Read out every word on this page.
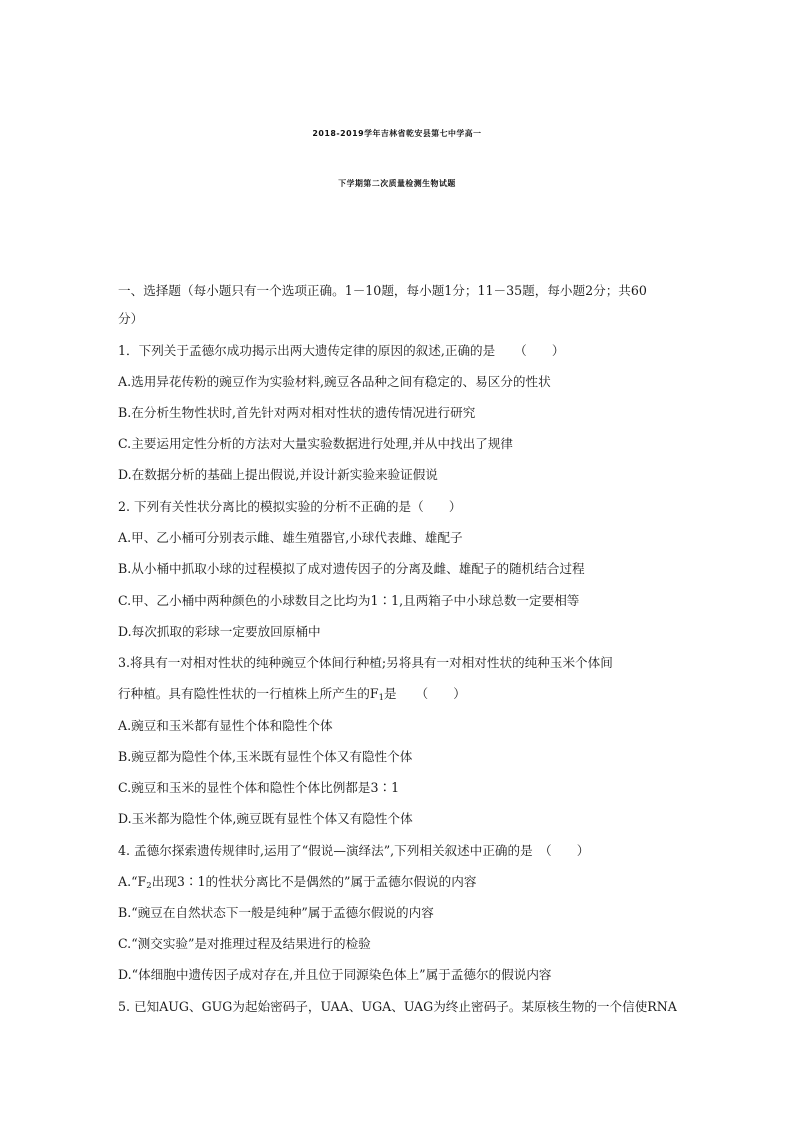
2018-2019学年吉林省乾安县第七中学高一
下学期第二次质量检测生物试题
一、选择题（每小题只有一个选项正确。1－10题，每小题1分；11－35题，每小题2分；共60
分）
1．下列关于孟德尔成功揭示出两大遗传定律的原因的叙述,正确的是　　（　　）
A.选用异花传粉的豌豆作为实验材料,豌豆各品种之间有稳定的、易区分的性状
B.在分析生物性状时,首先针对两对相对性状的遗传情况进行研究
C.主要运用定性分析的方法对大量实验数据进行处理,并从中找出了规律
D.在数据分析的基础上提出假说,并设计新实验来验证假说
2. 下列有关性状分离比的模拟实验的分析不正确的是（　　）
A.甲、乙小桶可分别表示雌、雄生殖器官,小球代表雌、雄配子
B.从小桶中抓取小球的过程模拟了成对遗传因子的分离及雌、雄配子的随机结合过程
C.甲、乙小桶中两种颜色的小球数目之比均为1∶1,且两箱子中小球总数一定要相等
D.每次抓取的彩球一定要放回原桶中
3.将具有一对相对性状的纯种豌豆个体间行种植;另将具有一对相对性状的纯种玉米个体间
行种植。具有隐性性状的一行植株上所产生的$F_1$是　　（　　）
A.豌豆和玉米都有显性个体和隐性个体
B.豌豆都为隐性个体,玉米既有显性个体又有隐性个体
C.豌豆和玉米的显性个体和隐性个体比例都是3∶1
D.玉米都为隐性个体,豌豆既有显性个体又有隐性个体
4. 孟德尔探索遗传规律时,运用了“假说—演绎法”,下列相关叙述中正确的是　（　　）
$A.“F_2$出现3∶1的性状分离比不是偶然的”属于孟德尔假说的内容
B.“豌豆在自然状态下一般是纯种”属于孟德尔假说的内容
C.“测交实验”是对推理过程及结果进行的检验
D.“体细胞中遗传因子成对存在,并且位于同源染色体上”属于孟德尔的假说内容
5. 已知AUG、GUG为起始密码子，UAA、UGA、UAG为终止密码子。某原核生物的一个信使RNA
